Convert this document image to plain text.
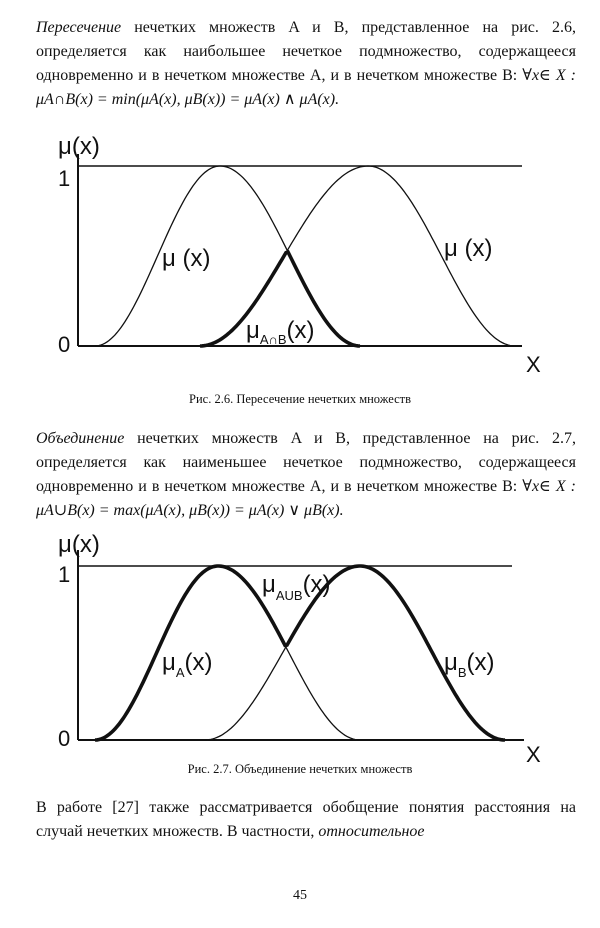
Пересечение нечетких множеств A и B, представленное на рис. 2.6, определяется как наибольшее нечеткое подмножество, содержащееся одновременно и в нечетком множестве A, и в нечетком множестве B: ∀x∈ X : μA∩B(x) = min(μA(x), μB(x)) = μA(x) ∧ μA(x).
μ(x)
1
0
X
μ (x)	μ (x)
$\mu_{A\cap B}(x)$
Рис. 2.6. Пересечение нечетких множеств
Объединение нечетких множеств A и B, представленное на рис. 2.7, определяется как наименьшее нечеткое подмножество, содержащееся одновременно и в нечетком множестве A, и в нечетком множестве B: ∀x∈ X : μA∪B(x) = max(μA(x), μB(x)) = μA(x) ∨ μB(x).
μ(x)
1
0
X
$\mu_{AUB}(x)$
$\mu_A(x)$	$\mu_B(x)$
Рис. 2.7. Объединение нечетких множеств
В работе [27] также рассматривается обобщение понятия расстояния на случай нечетких множеств. В частности, относительное
45
